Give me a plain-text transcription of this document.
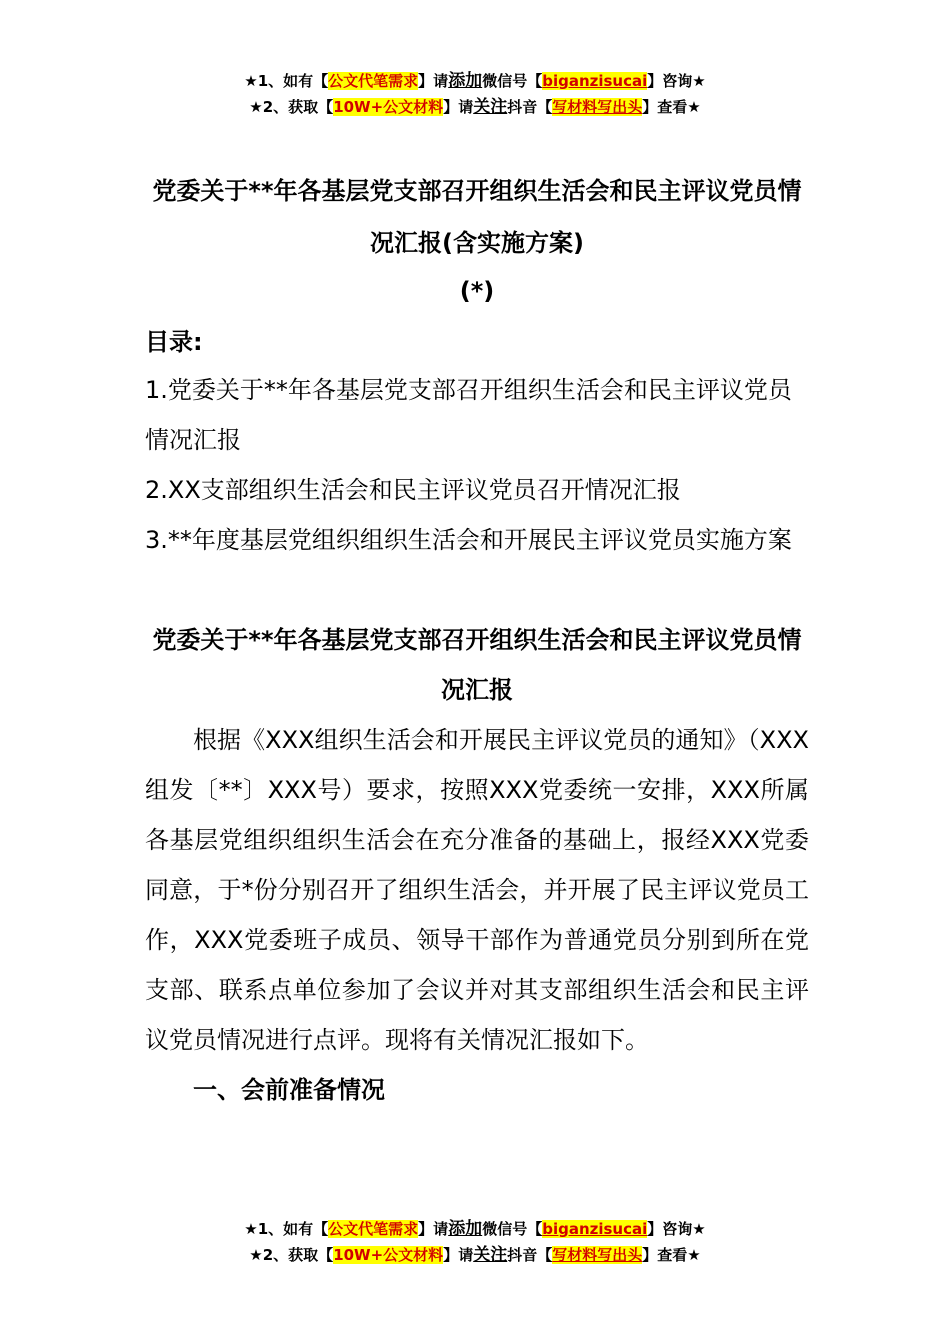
★1、如有【公文代笔需求】请添加微信号【biganzisucai】咨询★
★2、获取【10W+公文材料】请关注抖音【写材料写出头】查看★

党委关于**年各基层党支部召开组织生活会和民主评议党员情况汇报(含实施方案)

(*)

目录:

1.党委关于**年各基层党支部召开组织生活会和民主评议党员情况汇报

2.XX支部组织生活会和民主评议党员召开情况汇报

3.**年度基层党组织组织生活会和开展民主评议党员实施方案

党委关于**年各基层党支部召开组织生活会和民主评议党员情况汇报

根据《XXX组织生活会和开展民主评议党员的通知》（XXX组发〔**〕XXX号）要求，按照XXX党委统一安排，XXX所属各基层党组织组织生活会在充分准备的基础上，报经XXX党委同意，于*份分别召开了组织生活会，并开展了民主评议党员工作，XXX党委班子成员、领导干部作为普通党员分别到所在党支部、联系点单位参加了会议并对其支部组织生活会和民主评议党员情况进行点评。现将有关情况汇报如下。

一、会前准备情况

★1、如有【公文代笔需求】请添加微信号【biganzisucai】咨询★
★2、获取【10W+公文材料】请关注抖音【写材料写出头】查看★
